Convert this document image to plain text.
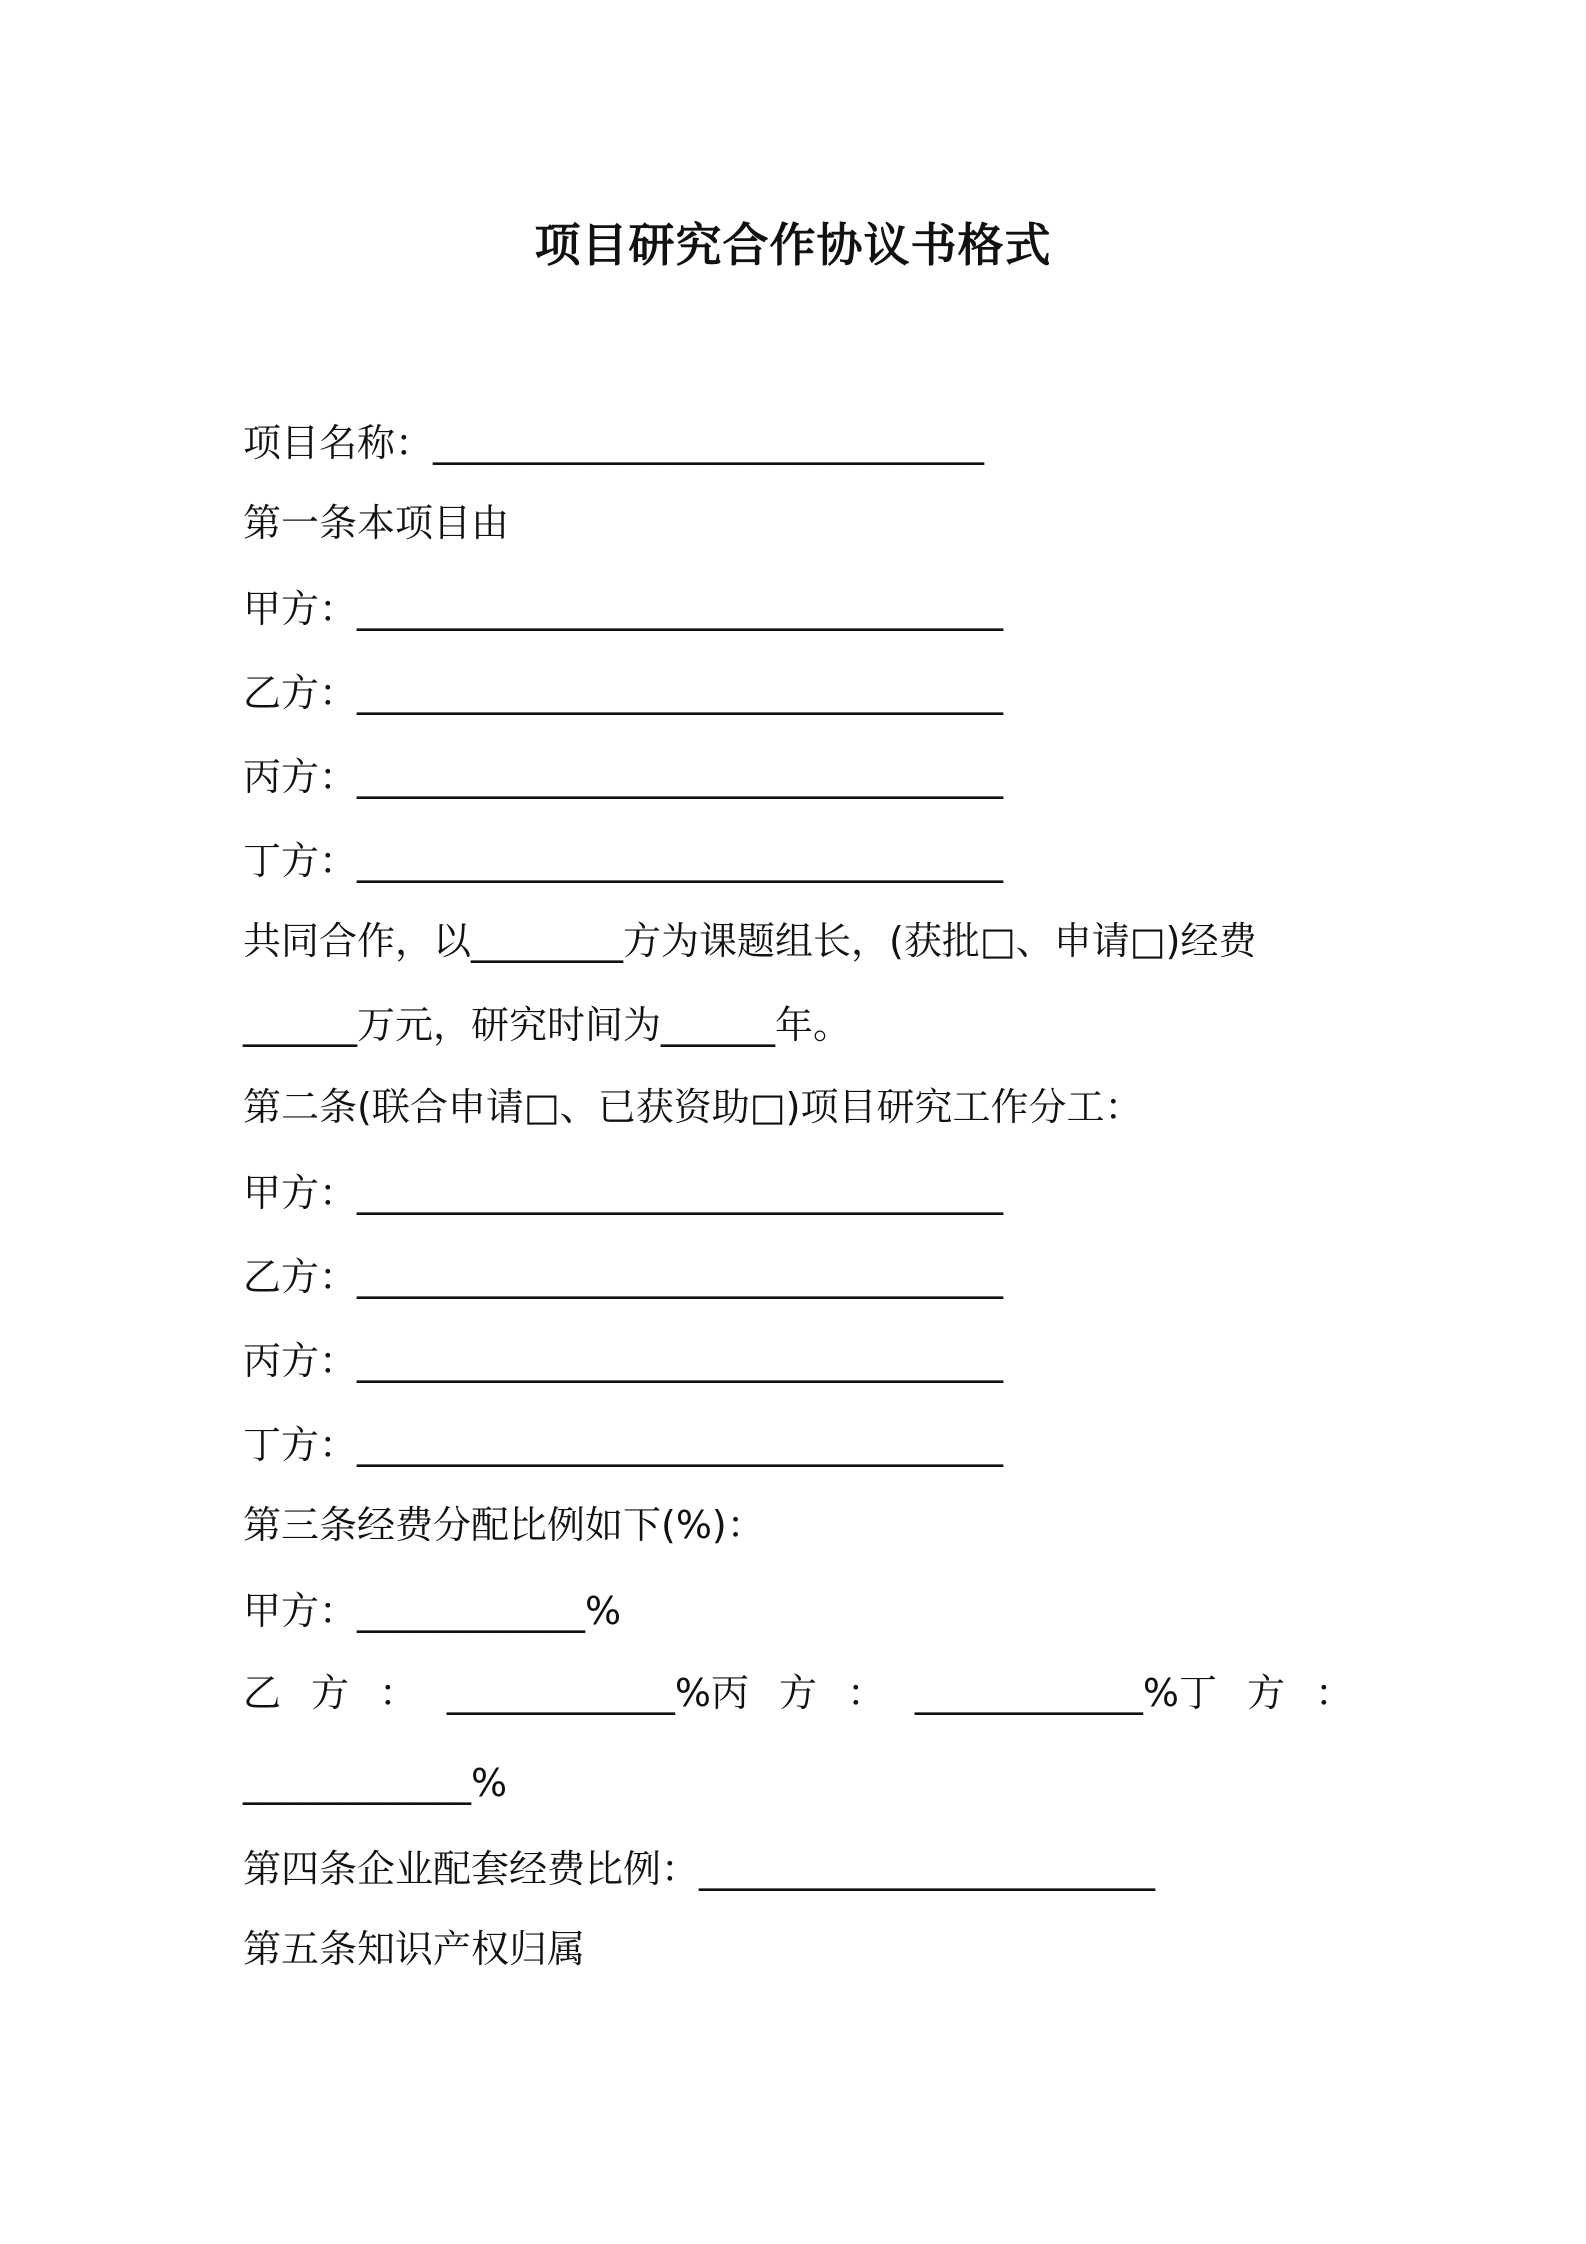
项目研究合作协议书格式

项目名称：_____________________________

第一条本项目由

甲方：__________________________________

乙方：__________________________________

丙方：__________________________________

丁方：__________________________________

共同合作，以________方为课题组长，(获批□、申请□)经费

______万元，研究时间为______年。

第二条(联合申请□、已获资助□)项目研究工作分工：

甲方：__________________________________

乙方：__________________________________

丙方：__________________________________

丁方：__________________________________

第三条经费分配比例如下(%)：

甲方：____________%

乙 方 ： ____________%丙 方 ： ____________%丁 方 ：

____________%

第四条企业配套经费比例：________________________

第五条知识产权归属
